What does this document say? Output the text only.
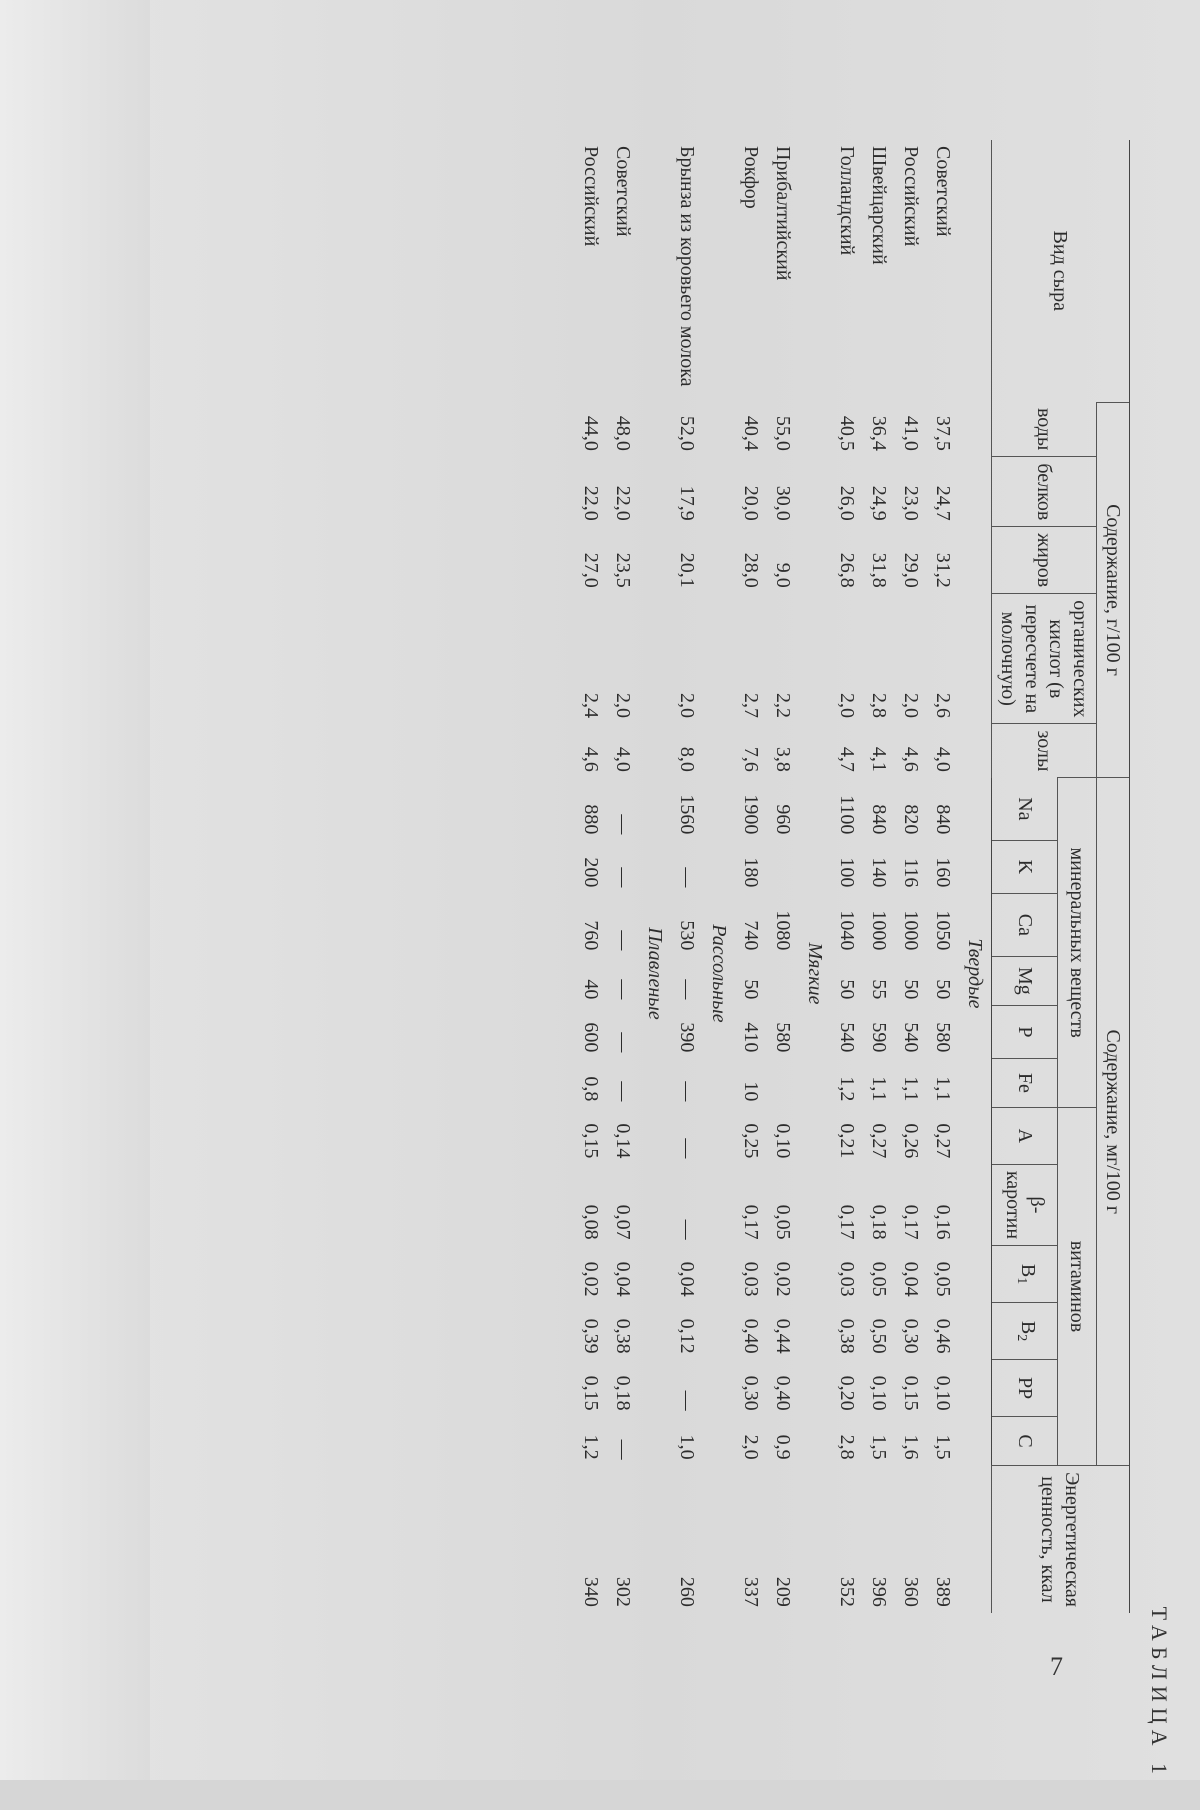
ТАБЛИЦА 1
Вид сыра	Содержание, г/100 г					Содержание, мг/100 г												Энергетическая ценность, ккал
	воды	белков	жиров	органических кислот (в пересчете на молочную)	золы	минеральных веществ						витаминов						
						Na	K	Ca	Mg	P	Fe	A	β-каротин	$B_1$	$B_2$	PP	C	
Твердые																		
Советский	37,5	24,7	31,2	2,6	4,0	840	160	1050	50	580	1,1	0,27	0,16	0,05	0,46	0,10	1,5	389
Российский	41,0	23,0	29,0	2,0	4,6	820	116	1000	50	540	1,1	0,26	0,17	0,04	0,30	0,15	1,6	360
Швейцарский	36,4	24,9	31,8	2,8	4,1	840	140	1000	55	590	1,1	0,27	0,18	0,05	0,50	0,10	1,5	396
Голландский	40,5	26,0	26,8	2,0	4,7	1100	100	1040	50	540	1,2	0,21	0,17	0,03	0,38	0,20	2,8	352
Мягкие																		
Прибалтийский	55,0	30,0	9,0	2,2	3,8	960		1080		580		0,10	0,05	0,02	0,44	0,40	0,9	209
Рокфор	40,4	20,0	28,0	2,7	7,6	1900	180	740	50	410	10	0,25	0,17	0,03	0,40	0,30	2,0	337
Рассольные																		
Брынза из коровьего молока	52,0	17,9	20,1	2,0	8,0	1560	—	530	—	390	—	—	—	0,04	0,12	—	1,0	260
Плавленые																		
Советский	48,0	22,0	23,5	2,0	4,0	—	—	—	—	—	—	0,14	0,07	0,04	0,38	0,18	—	302
Российский	44,0	22,0	27,0	2,4	4,6	880	200	760	40	600	0,8	0,15	0,08	0,02	0,39	0,15	1,2	340
7
